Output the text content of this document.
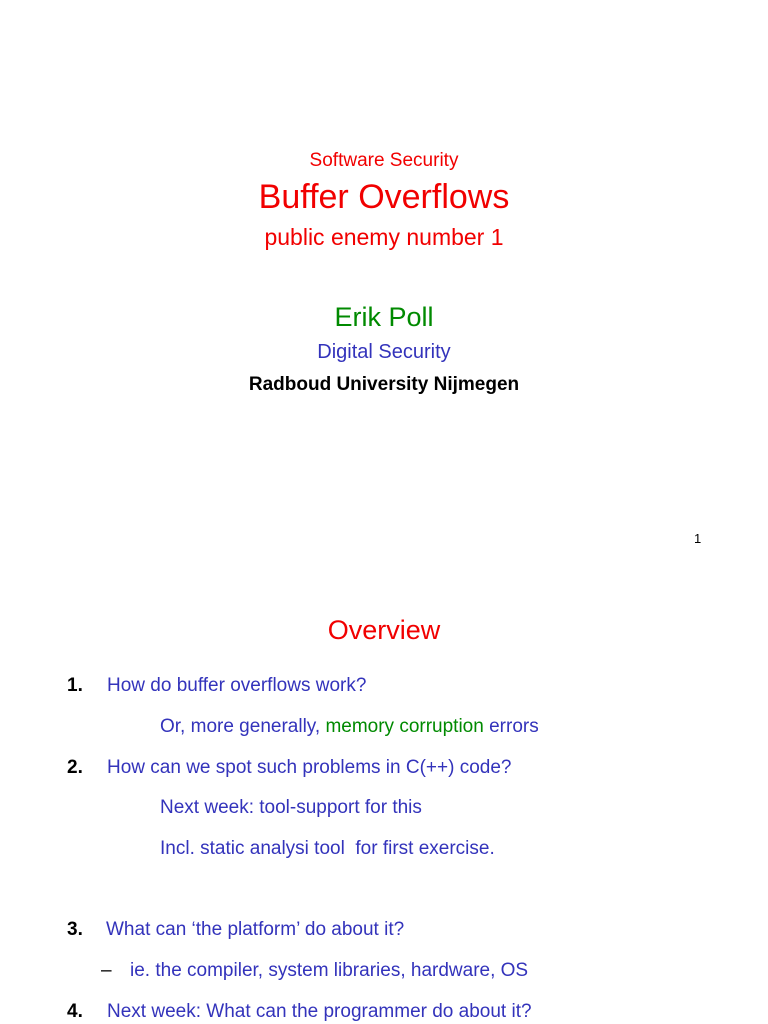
Software Security
Buffer Overflows
public enemy number 1
Erik Poll
Digital Security
Radboud University Nijmegen
1
Overview
1. How do buffer overflows work?
Or, more generally, memory corruption errors
2. How can we spot such problems in C(++) code?
Next week: tool-support for this
Incl. static analysi tool  for first exercise.
3. What can ‘the platform’ do about it?
– ie. the compiler, system libraries, hardware, OS
4. Next week: What can the programmer do about it?
